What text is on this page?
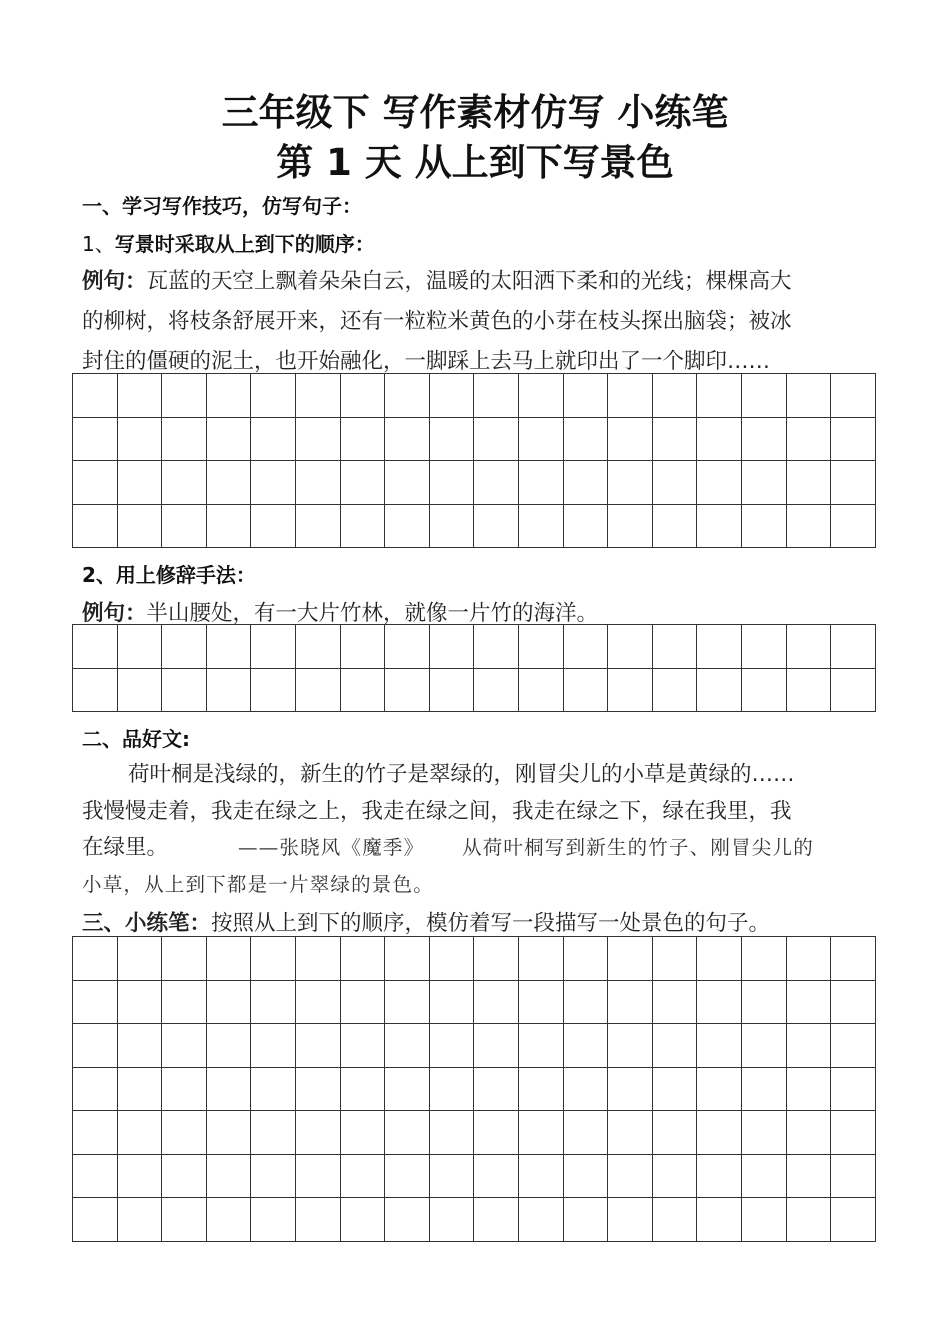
三年级下 写作素材仿写 小练笔
第 1 天 从上到下写景色
一、学习写作技巧，仿写句子：
1、写景时采取从上到下的顺序：
例句：瓦蓝的天空上飘着朵朵白云，温暖的太阳洒下柔和的光线；棵棵高大
的柳树，将枝条舒展开来，还有一粒粒米黄色的小芽在枝头探出脑袋；被冰
封住的僵硬的泥土，也开始融化，一脚踩上去马上就印出了一个脚印……

2、用上修辞手法：
例句：半山腰处，有一大片竹林，就像一片竹的海洋。

二、品好文:
荷叶桐是浅绿的，新生的竹子是翠绿的，刚冒尖儿的小草是黄绿的……
我慢慢走着，我走在绿之上，我走在绿之间，我走在绿之下，绿在我里，我
在绿里。	——张晓风《魔季》 从荷叶桐写到新生的竹子、刚冒尖儿的
小草，从上到下都是一片翠绿的景色。
三、小练笔：按照从上到下的顺序，模仿着写一段描写一处景色的句子。
